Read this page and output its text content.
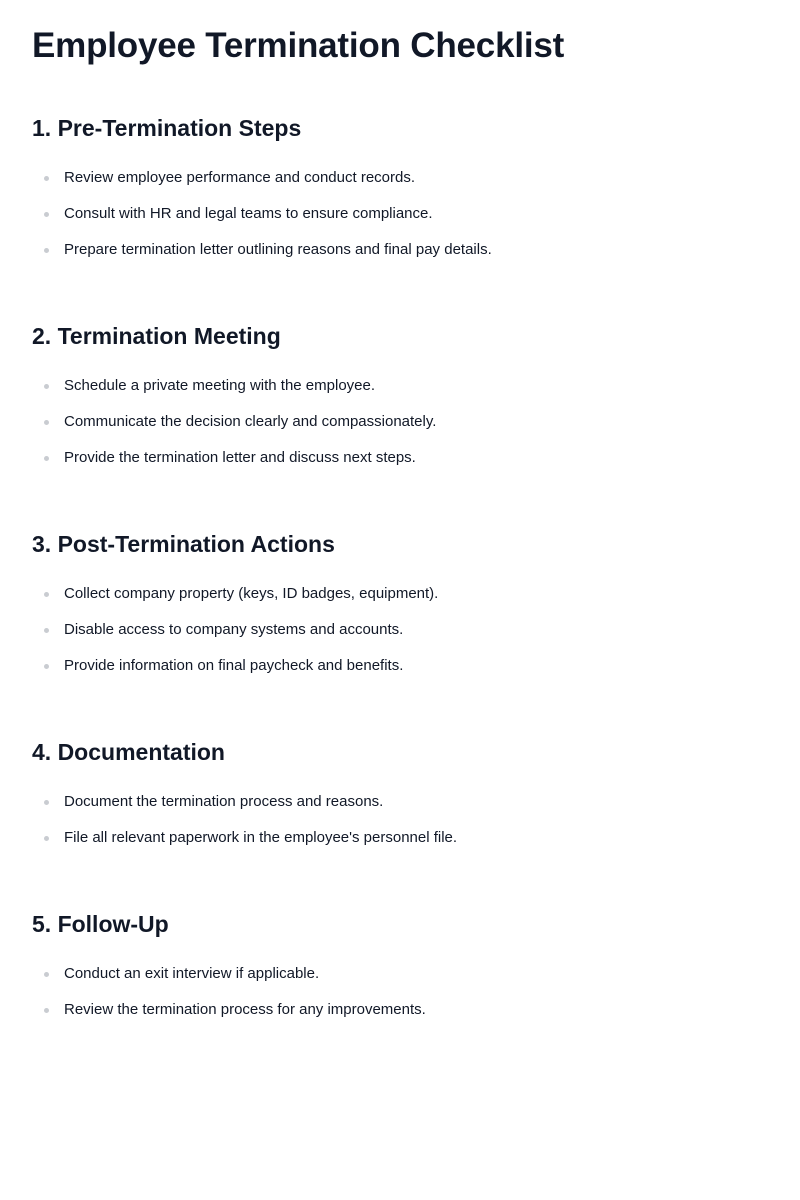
Employee Termination Checklist
1. Pre-Termination Steps
Review employee performance and conduct records.
Consult with HR and legal teams to ensure compliance.
Prepare termination letter outlining reasons and final pay details.
2. Termination Meeting
Schedule a private meeting with the employee.
Communicate the decision clearly and compassionately.
Provide the termination letter and discuss next steps.
3. Post-Termination Actions
Collect company property (keys, ID badges, equipment).
Disable access to company systems and accounts.
Provide information on final paycheck and benefits.
4. Documentation
Document the termination process and reasons.
File all relevant paperwork in the employee's personnel file.
5. Follow-Up
Conduct an exit interview if applicable.
Review the termination process for any improvements.
